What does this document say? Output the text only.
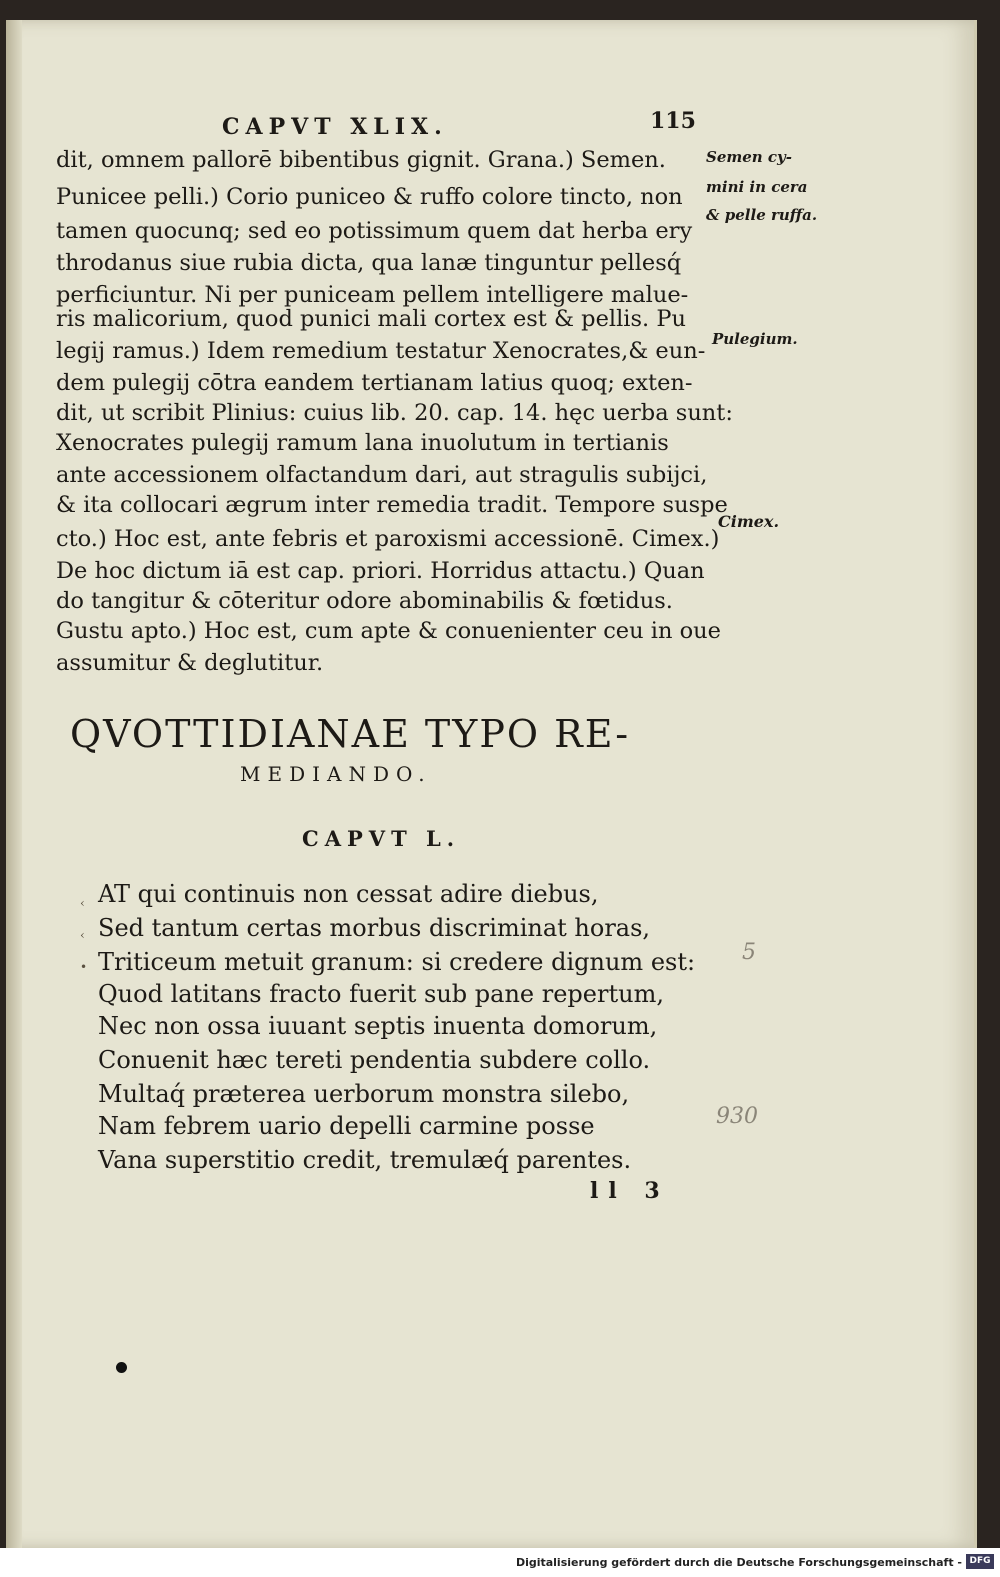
CAPVT XLIX.	115
dit, omnem pallorē bibentibus gignit. Grana.) Semen.
Punicee pelli.) Corio puniceo & ruffo colore tincto, non
tamen quocunq; sed eo potissimum quem dat herba ery
throdanus siue rubia dicta, qua lanæ tinguntur pellesq́
perficiuntur. Ni per puniceam pellem intelligere malue-
ris malicorium, quod punici mali cortex est & pellis. Pu
legij ramus.) Idem remedium testatur Xenocrates,& eun-
dem pulegij cōtra eandem tertianam latius quoq; exten-
dit, ut scribit Plinius: cuius lib. 20. cap. 14. hęc uerba sunt:
Xenocrates pulegij ramum lana inuolutum in tertianis
ante accessionem olfactandum dari, aut stragulis subijci,
& ita collocari ægrum inter remedia tradit. Tempore suspe
cto.) Hoc est, ante febris et paroxismi accessionē. Cimex.)
De hoc dictum iā est cap. priori. Horridus attactu.) Quan
do tangitur & cōteritur odore abominabilis & fœtidus.
Gustu apto.) Hoc est, cum apte & conuenienter ceu in oue
assumitur & deglutitur.
Semen cy-
mini in cera
& pelle ruffa.
Pulegium.
Cimex.
QVOTTIDIANAE TYPO RE-
MEDIANDO.
CAPVT L.
‹
‹
•
AT qui continuis non cessat adire diebus,
Sed tantum certas morbus discriminat horas,
Triticeum metuit granum: si credere dignum est:
Quod latitans fracto fuerit sub pane repertum,
Nec non ossa iuuant septis inuenta domorum,
Conuenit hæc tereti pendentia subdere collo.
Multaq́ præterea uerborum monstra silebo,
Nam febrem uario depelli carmine posse
Vana superstitio credit, tremulæq́ parentes.
ll 3
5
930
Digitalisierung gefördert durch die Deutsche Forschungsgemeinschaft - DFG
